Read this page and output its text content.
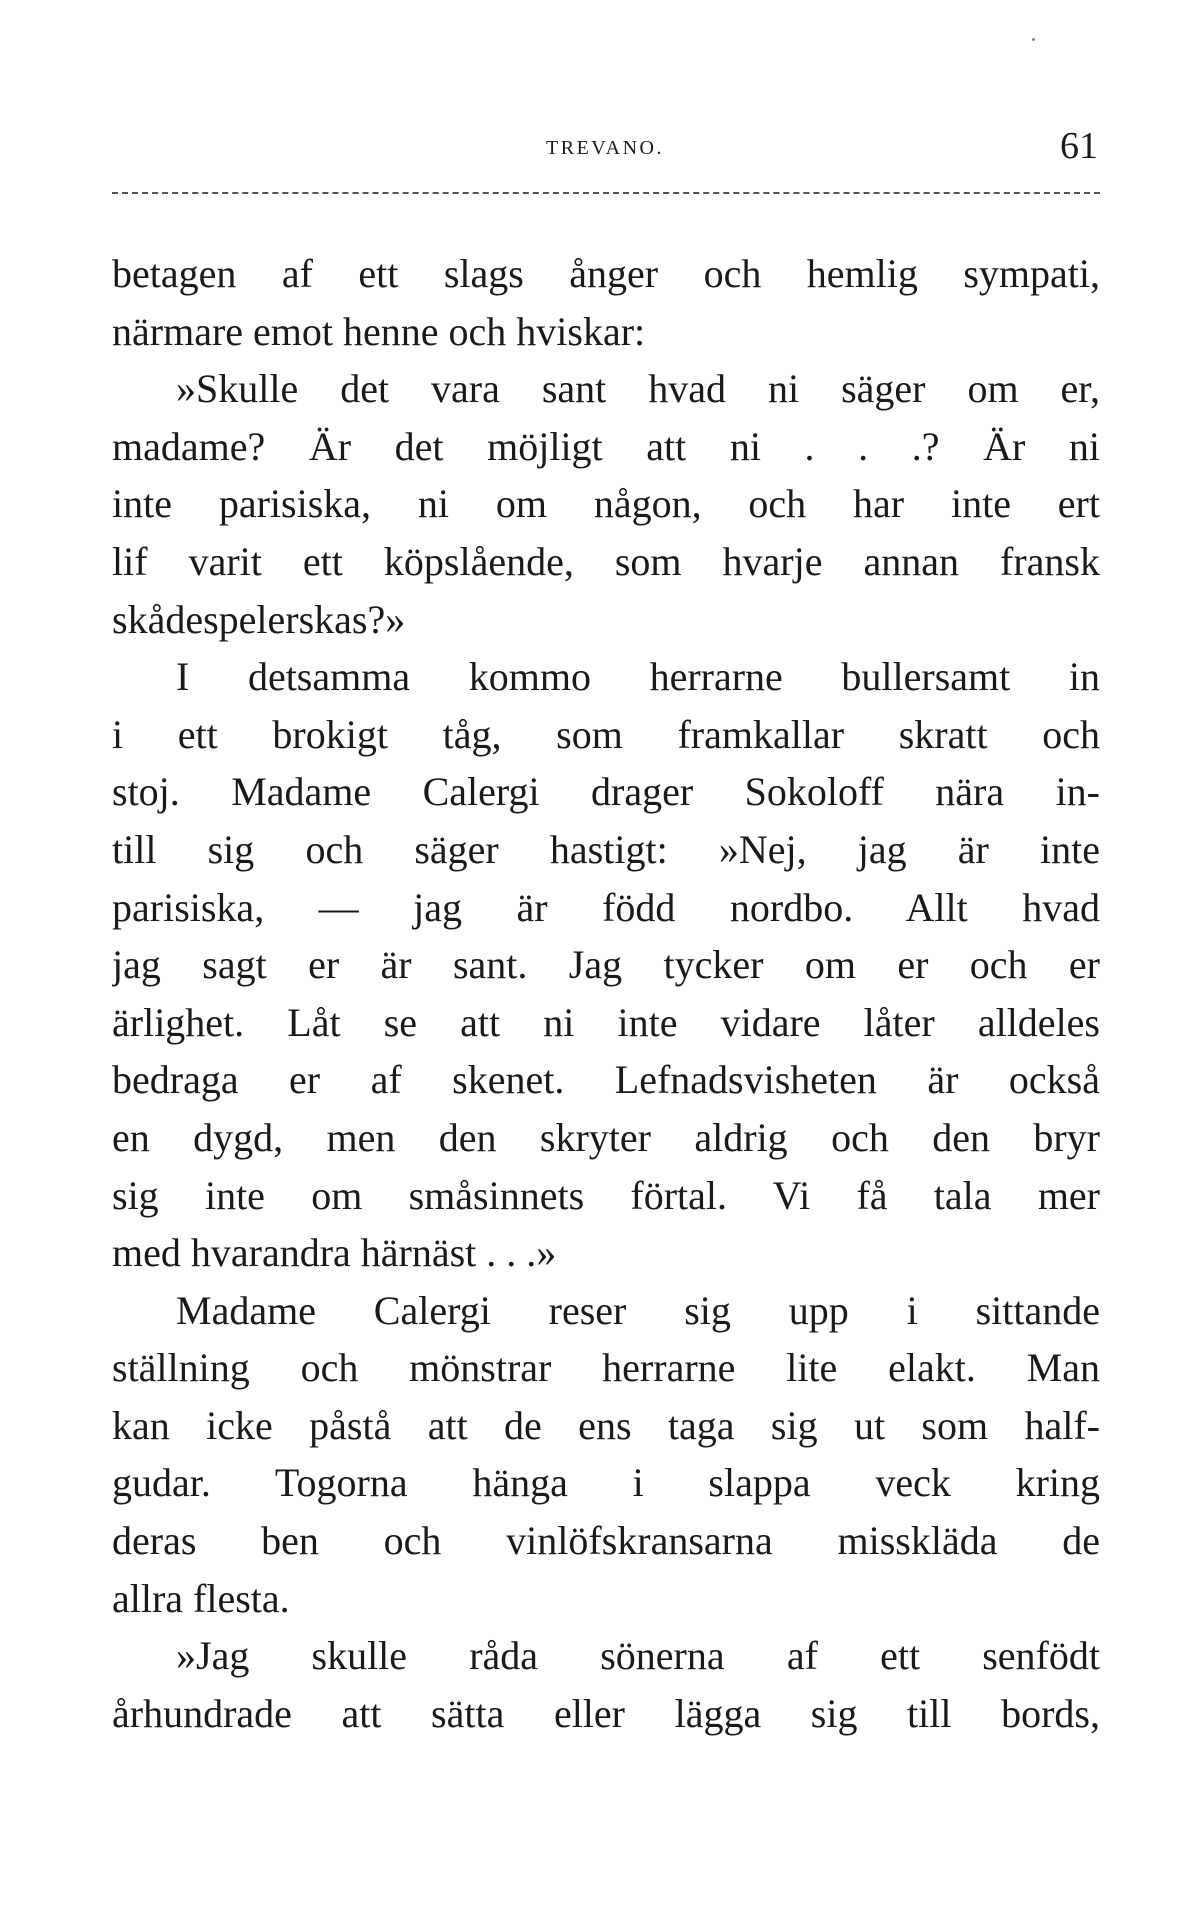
TREVANO.	61
betagen af ett slags ånger och hemlig sympati,
närmare emot henne och hviskar:
»Skulle det vara sant hvad ni säger om er,
madame? Är det möjligt att ni . . .? Är ni
inte parisiska, ni om någon, och har inte ert
lif varit ett köpslående, som hvarje annan fransk
skådespelerskas?»
I detsamma kommo herrarne bullersamt in
i ett brokigt tåg, som framkallar skratt och
stoj. Madame Calergi drager Sokoloff nära in-
till sig och säger hastigt: »Nej, jag är inte
parisiska, — jag är född nordbo. Allt hvad
jag sagt er är sant. Jag tycker om er och er
ärlighet. Låt se att ni inte vidare låter alldeles
bedraga er af skenet. Lefnadsvisheten är också
en dygd, men den skryter aldrig och den bryr
sig inte om småsinnets förtal. Vi få tala mer
med hvarandra härnäst . . .»
Madame Calergi reser sig upp i sittande
ställning och mönstrar herrarne lite elakt. Man
kan icke påstå att de ens taga sig ut som half-
gudar. Togorna hänga i slappa veck kring
deras ben och vinlöfskransarna misskläda de
allra flesta.
»Jag skulle råda sönerna af ett senfödt
århundrade att sätta eller lägga sig till bords,
